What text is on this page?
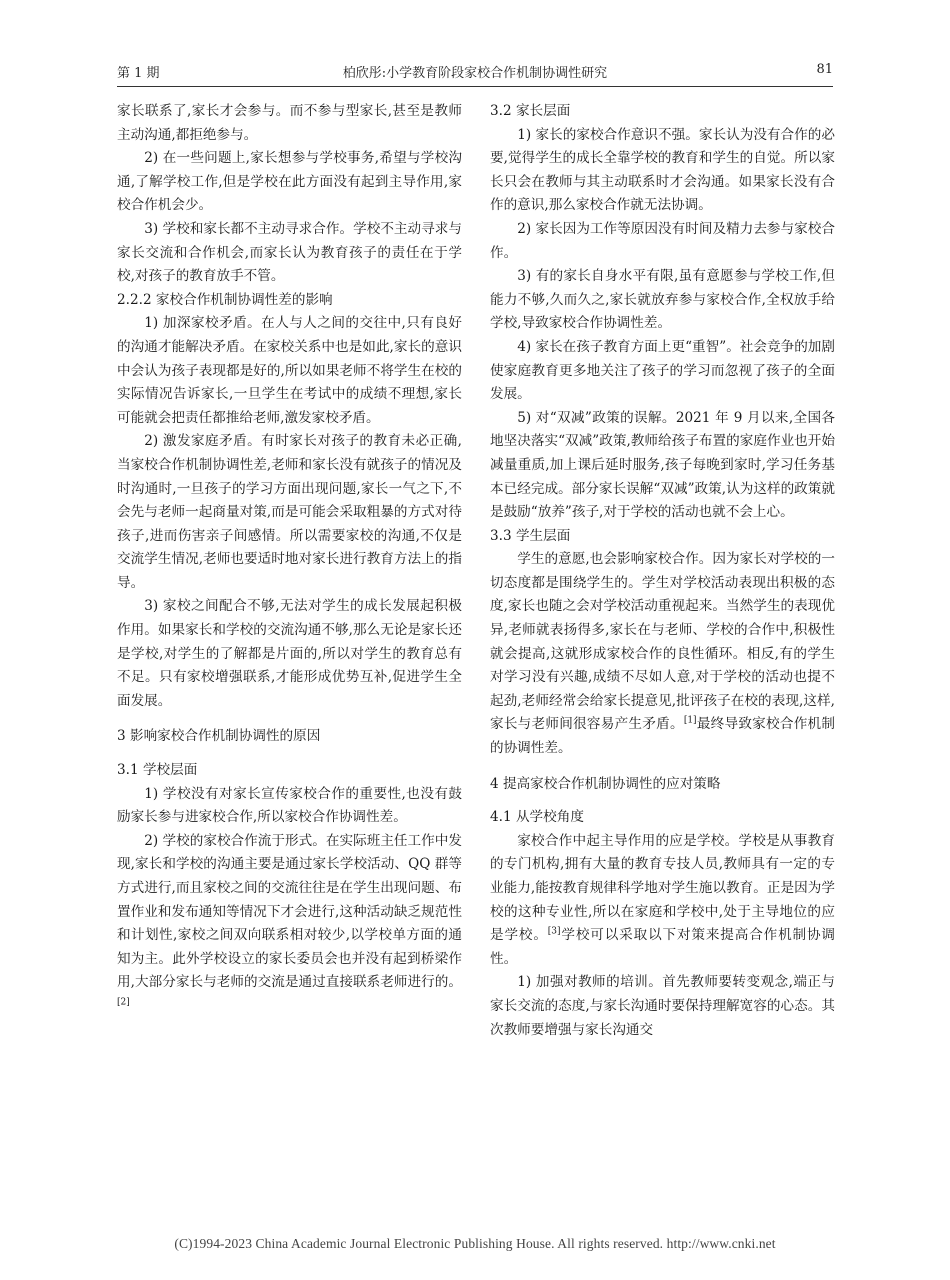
第 1 期	柏欣彤:小学教育阶段家校合作机制协调性研究	81

家长联系了,家长才会参与。而不参与型家长,甚至是教师主动沟通,都拒绝参与。

2) 在一些问题上,家长想参与学校事务,希望与学校沟通,了解学校工作,但是学校在此方面没有起到主导作用,家校合作机会少。

3) 学校和家长都不主动寻求合作。学校不主动寻求与家长交流和合作机会,而家长认为教育孩子的责任在于学校,对孩子的教育放手不管。

2.2.2 家校合作机制协调性差的影响

1) 加深家校矛盾。在人与人之间的交往中,只有良好的沟通才能解决矛盾。在家校关系中也是如此,家长的意识中会认为孩子表现都是好的,所以如果老师不将学生在校的实际情况告诉家长,一旦学生在考试中的成绩不理想,家长可能就会把责任都推给老师,激发家校矛盾。

2) 激发家庭矛盾。有时家长对孩子的教育未必正确,当家校合作机制协调性差,老师和家长没有就孩子的情况及时沟通时,一旦孩子的学习方面出现问题,家长一气之下,不会先与老师一起商量对策,而是可能会采取粗暴的方式对待孩子,进而伤害亲子间感情。所以需要家校的沟通,不仅是交流学生情况,老师也要适时地对家长进行教育方法上的指导。

3) 家校之间配合不够,无法对学生的成长发展起积极作用。如果家长和学校的交流沟通不够,那么无论是家长还是学校,对学生的了解都是片面的,所以对学生的教育总有不足。只有家校增强联系,才能形成优势互补,促进学生全面发展。

3 影响家校合作机制协调性的原因
3.1 学校层面

1) 学校没有对家长宣传家校合作的重要性,也没有鼓励家长参与进家校合作,所以家校合作协调性差。

2) 学校的家校合作流于形式。在实际班主任工作中发现,家长和学校的沟通主要是通过家长学校活动、QQ 群等方式进行,而且家校之间的交流往往是在学生出现问题、布置作业和发布通知等情况下才会进行,这种活动缺乏规范性和计划性,家校之间双向联系相对较少,以学校单方面的通知为主。此外学校设立的家长委员会也并没有起到桥梁作用,大部分家长与老师的交流是通过直接联系老师进行的。[2]

3.2 家长层面

1) 家长的家校合作意识不强。家长认为没有合作的必要,觉得学生的成长全靠学校的教育和学生的自觉。所以家长只会在教师与其主动联系时才会沟通。如果家长没有合作的意识,那么家校合作就无法协调。

2) 家长因为工作等原因没有时间及精力去参与家校合作。

3) 有的家长自身水平有限,虽有意愿参与学校工作,但能力不够,久而久之,家长就放弃参与家校合作,全权放手给学校,导致家校合作协调性差。

4) 家长在孩子教育方面上更“重智”。社会竞争的加剧使家庭教育更多地关注了孩子的学习而忽视了孩子的全面发展。

5) 对“双减”政策的误解。2021 年 9 月以来,全国各地坚决落实“双减”政策,教师给孩子布置的家庭作业也开始减量重质,加上课后延时服务,孩子每晚到家时,学习任务基本已经完成。部分家长误解“双减”政策,认为这样的政策就是鼓励“放养”孩子,对于学校的活动也就不会上心。

3.3 学生层面

学生的意愿,也会影响家校合作。因为家长对学校的一切态度都是围绕学生的。学生对学校活动表现出积极的态度,家长也随之会对学校活动重视起来。当然学生的表现优异,老师就表扬得多,家长在与老师、学校的合作中,积极性就会提高,这就形成家校合作的良性循环。相反,有的学生对学习没有兴趣,成绩不尽如人意,对于学校的活动也提不起劲,老师经常会给家长提意见,批评孩子在校的表现,这样,家长与老师间很容易产生矛盾。[1]最终导致家校合作机制的协调性差。

4 提高家校合作机制协调性的应对策略
4.1 从学校角度

家校合作中起主导作用的应是学校。学校是从事教育的专门机构,拥有大量的教育专技人员,教师具有一定的专业能力,能按教育规律科学地对学生施以教育。正是因为学校的这种专业性,所以在家庭和学校中,处于主导地位的应是学校。[3]学校可以采取以下对策来提高合作机制协调性。

1) 加强对教师的培训。首先教师要转变观念,端正与家长交流的态度,与家长沟通时要保持理解宽容的心态。其次教师要增强与家长沟通交

(C)1994-2023 China Academic Journal Electronic Publishing House. All rights reserved. http://www.cnki.net
